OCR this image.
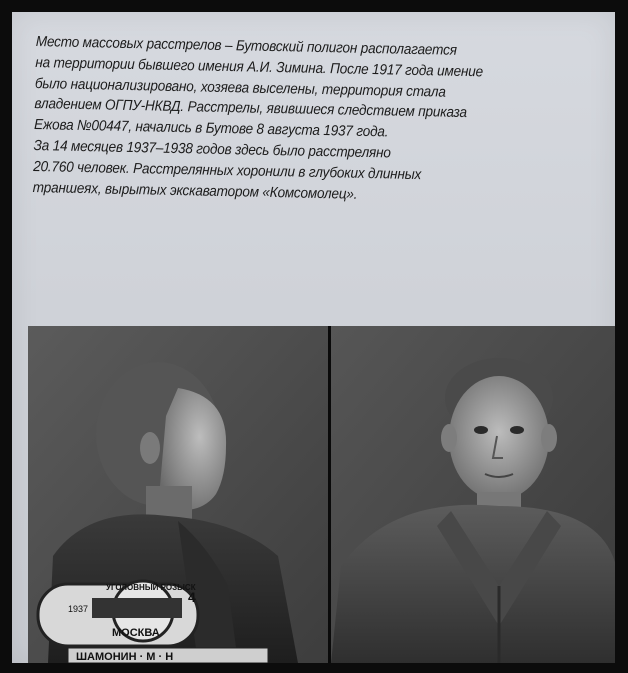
Место массовых расстрелов – Бутовский полигон располагается
на территории бывшего имения А.И. Зимина. После 1917 года имение
было национализировано, хозяева выселены, территория стала
владением ОГПУ-НКВД. Расстрелы, явившиеся следствием приказа
Ежова №00447, начались в Бутове 8 августа 1937 года.
За 14 месяцев 1937–1938 годов здесь было расстреляно
20.760 человек. Расстрелянных хоронили в глубоких длинных
траншеях, вырытых экскаватором «Комсомолец».
1937
4
УГОЛОВНЫЙ РОЗЫСК
МОСКВА
ШАМОНИН · М · Н
